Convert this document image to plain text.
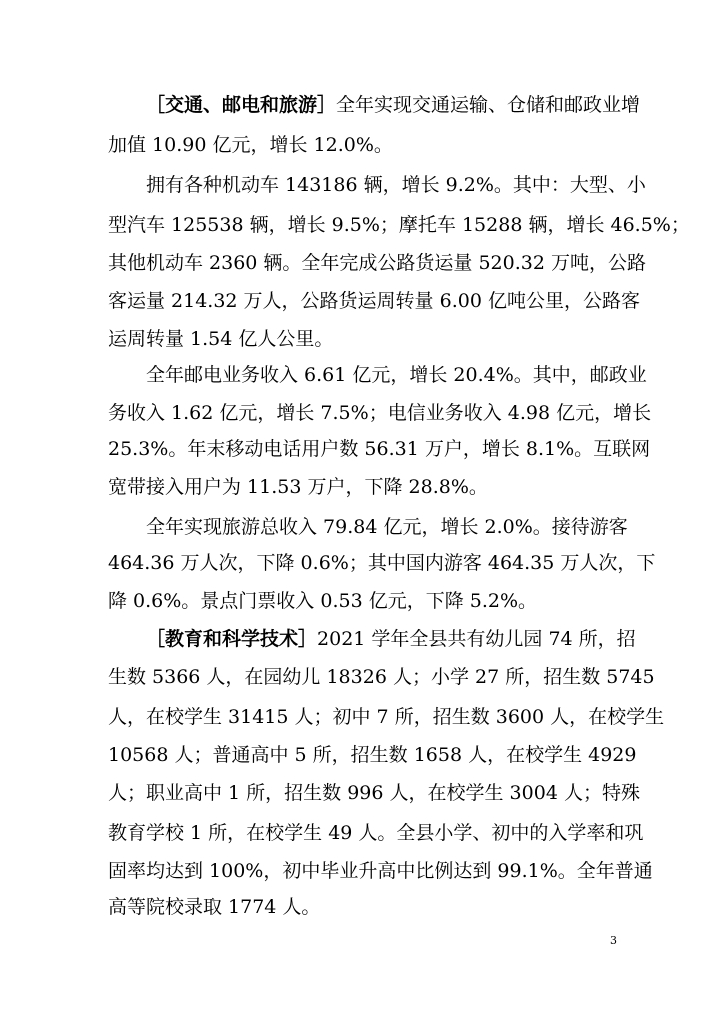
［交通、邮电和旅游］全年实现交通运输、仓储和邮政业增
加值 10.90 亿元，增长 12.0%。
拥有各种机动车 143186 辆，增长 9.2%。其中：大型、小
型汽车 125538 辆，增长 9.5%；摩托车 15288 辆，增长 46.5%；
其他机动车 2360 辆。全年完成公路货运量 520.32 万吨，公路
客运量 214.32 万人，公路货运周转量 6.00 亿吨公里，公路客
运周转量 1.54 亿人公里。
全年邮电业务收入 6.61 亿元，增长 20.4%。其中，邮政业
务收入 1.62 亿元，增长 7.5%；电信业务收入 4.98 亿元，增长
25.3%。年末移动电话用户数 56.31 万户，增长 8.1%。互联网
宽带接入用户为 11.53 万户，下降 28.8%。
全年实现旅游总收入 79.84 亿元，增长 2.0%。接待游客
464.36 万人次，下降 0.6%；其中国内游客 464.35 万人次，下
降 0.6%。景点门票收入 0.53 亿元，下降 5.2%。
［教育和科学技术］2021 学年全县共有幼儿园 74 所，招
生数 5366 人，在园幼儿 18326 人；小学 27 所，招生数 5745
人，在校学生 31415 人；初中 7 所，招生数 3600 人，在校学生
10568 人；普通高中 5 所，招生数 1658 人，在校学生 4929
人；职业高中 1 所，招生数 996 人，在校学生 3004 人；特殊
教育学校 1 所，在校学生 49 人。全县小学、初中的入学率和巩
固率均达到 100%，初中毕业升高中比例达到 99.1%。全年普通
高等院校录取 1774 人。
3
